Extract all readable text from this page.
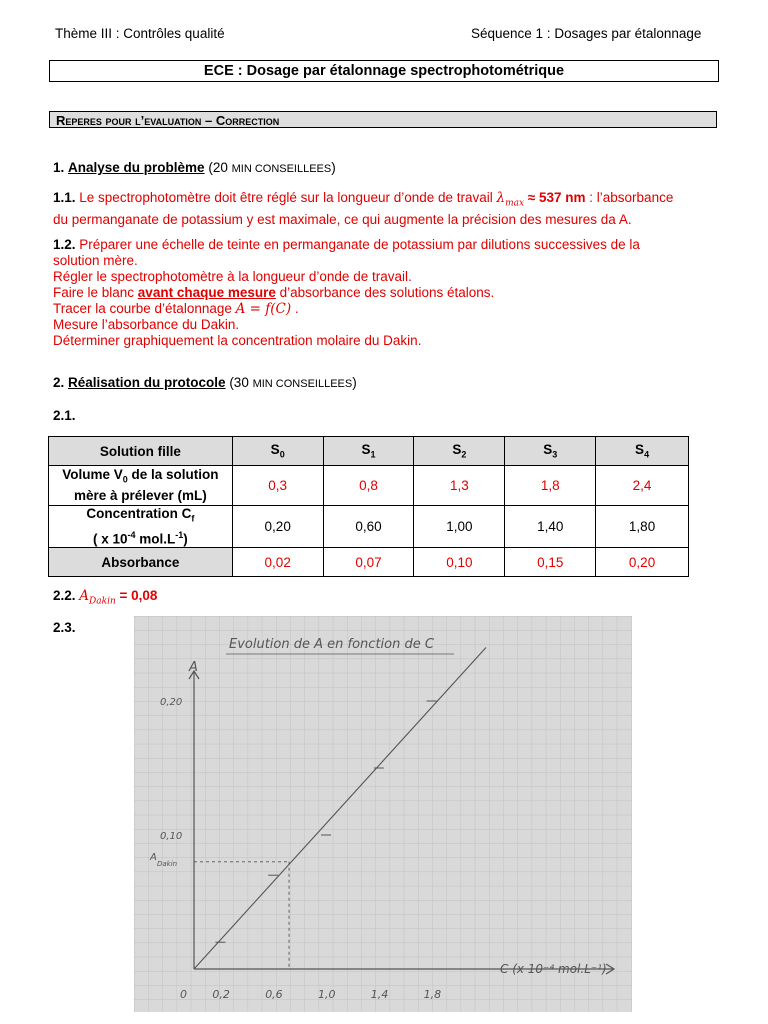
Thème III : Contrôles qualité	Séquence 1 : Dosages par étalonnage
ECE : Dosage par étalonnage spectrophotométrique
Reperes pour l’evaluation – Correction
1. Analyse du problème (20 MIN CONSEILLEES)
1.1. Le spectrophotomètre doit être réglé sur la longueur d’onde de travail $\lambda_{max} \approx 537$ nm : l’absorbance
du permanganate de potassium y est maximale, ce qui augmente la précision des mesures da A.
1.2. Préparer une échelle de teinte en permanganate de potassium par dilutions successives de la
solution mère.
Régler le spectrophotomètre à la longueur d’onde de travail.
Faire le blanc avant chaque mesure d’absorbance des solutions étalons.
Tracer la courbe d’étalonnage A = f(C) .
Mesure l’absorbance du Dakin.
Déterminer graphiquement la concentration molaire du Dakin.
2. Réalisation du protocole (30 MIN CONSEILLEES)
2.1.
Solution fille	$S_0$	$S_1$	$S_2$	$S_3$	$S_4$
Volume $V_0$ de la solution
mère à prélever (mL)	0,3	0,8	1,3	1,8	2,4
Concentration $C_f$
( x $10^{-4}$ $mol.L^{-1}$)	0,20	0,60	1,00	1,40	1,80
Absorbance	0,02	0,07	0,10	0,15	0,20
2.2. $A_{Dakin} = 0,08$
2.3.
Evolution de A en fonction de C
A
C (x 10⁻⁴ mol.L⁻¹)
0 0,2	0,6	1,0	1,4	1,8
0,10
0,20
A
Dakin
